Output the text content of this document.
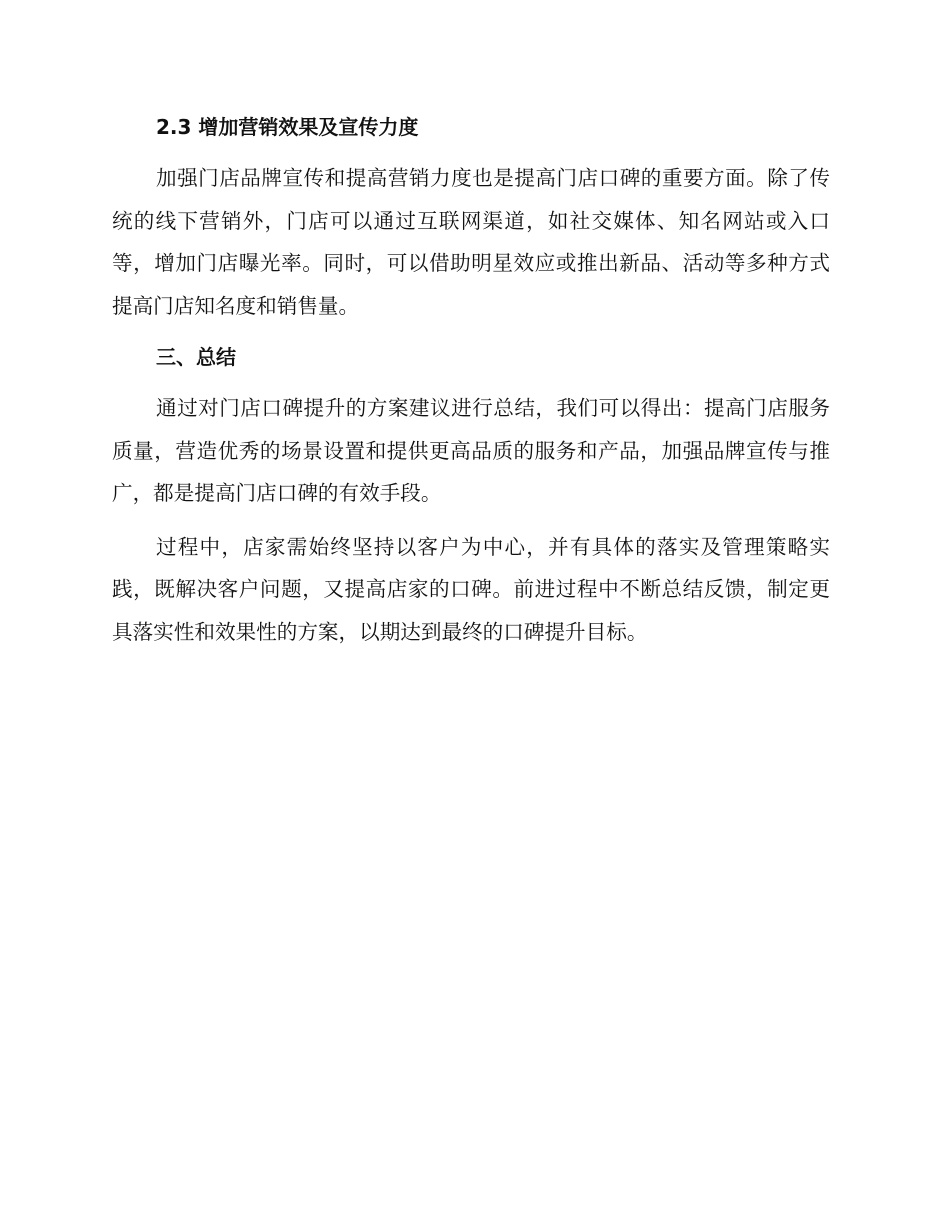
2.3 增加营销效果及宣传力度

加强门店品牌宣传和提高营销力度也是提高门店口碑的重要方面。除了传统的线下营销外，门店可以通过互联网渠道，如社交媒体、知名网站或入口等，增加门店曝光率。同时，可以借助明星效应或推出新品、活动等多种方式提高门店知名度和销售量。

三、总结

通过对门店口碑提升的方案建议进行总结，我们可以得出：提高门店服务质量，营造优秀的场景设置和提供更高品质的服务和产品，加强品牌宣传与推广，都是提高门店口碑的有效手段。

过程中，店家需始终坚持以客户为中心，并有具体的落实及管理策略实践，既解决客户问题，又提高店家的口碑。前进过程中不断总结反馈，制定更具落实性和效果性的方案，以期达到最终的口碑提升目标。
